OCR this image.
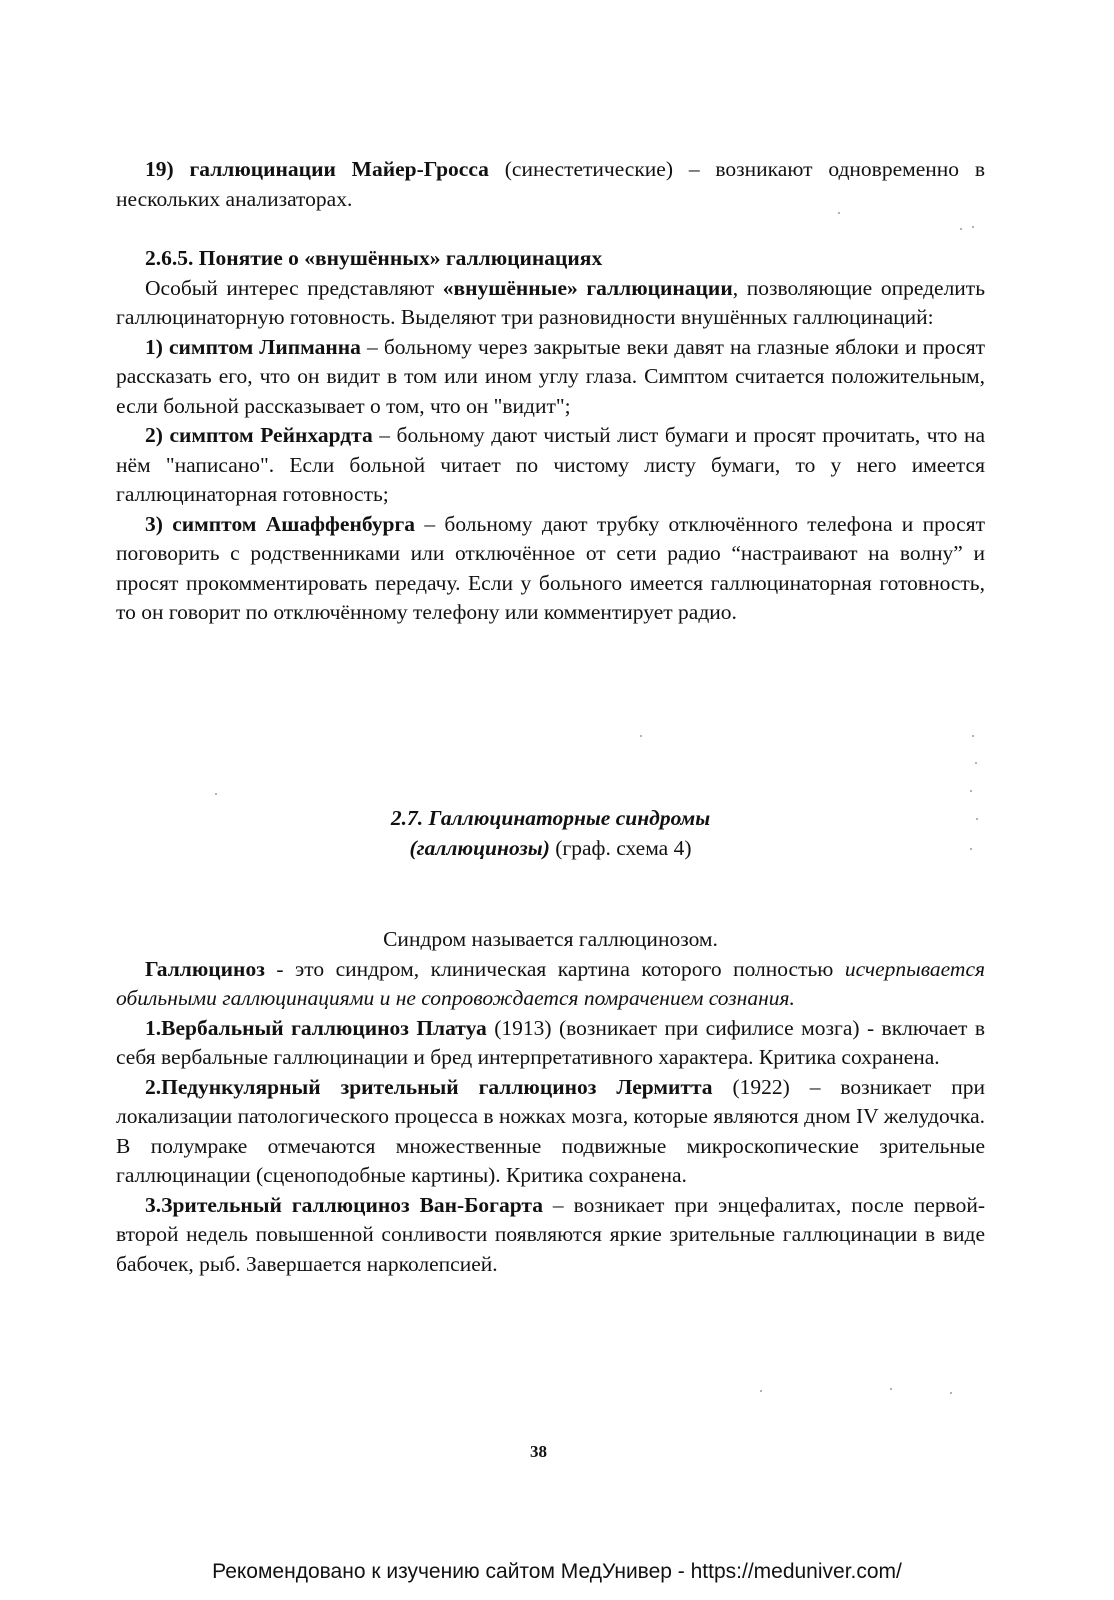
19) галлюцинации Майер-Гросса (синестетические) – возникают одновременно в нескольких анализаторах.

2.6.5. Понятие о «внушённых» галлюцинациях

Особый интерес представляют «внушённые» галлюцинации, позволяющие определить галлюцинаторную готовность. Выделяют три разновидности внушённых галлюцинаций:

1) симптом Липманна – больному через закрытые веки давят на глазные яблоки и просят рассказать его, что он видит в том или ином углу глаза. Симптом считается положительным, если больной рассказывает о том, что он "видит";

2) симптом Рейнхардта – больному дают чистый лист бумаги и просят прочитать, что на нём "написано". Если больной читает по чистому листу бумаги, то у него имеется галлюцинаторная готовность;

3) симптом Ашаффенбурга – больному дают трубку отключённого телефона и просят поговорить с родственниками или отключённое от сети радио “настраивают на волну” и просят прокомментировать передачу. Если у больного имеется галлюцинаторная готовность, то он говорит по отключённому телефону или комментирует радио.

2.7. Галлюцинаторные синдромы

(галлюцинозы) (граф. схема 4)

Синдром называется галлюцинозом.

Галлюциноз - это синдром, клиническая картина которого полностью исчерпывается обильными галлюцинациями и не сопровождается помрачением сознания.

1.Вербальный галлюциноз Платуа (1913) (возникает при сифилисе мозга) - включает в себя вербальные галлюцинации и бред интерпретативного характера. Критика сохранена.

2.Педункулярный зрительный галлюциноз Лермитта (1922) – возникает при локализации патологического процесса в ножках мозга, которые являются дном IV желудочка. В полумраке отмечаются множественные подвижные микроскопические зрительные галлюцинации (сценоподобные картины). Критика сохранена.

3.Зрительный галлюциноз Ван-Богарта – возникает при энцефалитах, после первой-второй недель повышенной сонливости появляются яркие зрительные галлюцинации в виде бабочек, рыб. Завершается нарколепсией.

38
Рекомендовано к изучению сайтом МедУнивер - https://meduniver.com/
